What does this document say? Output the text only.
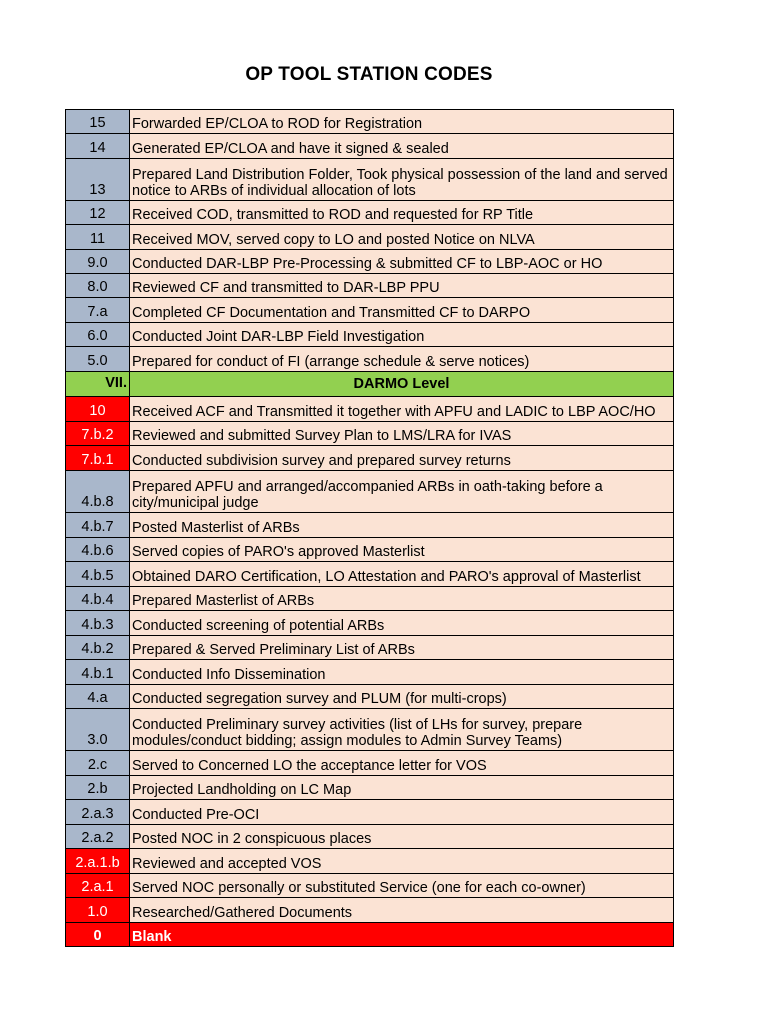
OP TOOL STATION CODES
15	Forwarded EP/CLOA to ROD for Registration
14	Generated EP/CLOA and have it signed & sealed
13	Prepared Land Distribution Folder, Took physical possession of the land and served notice to ARBs of individual allocation of lots
12	Received COD, transmitted to ROD and requested for RP Title
11	Received MOV, served copy to LO and posted Notice on NLVA
9.0	Conducted DAR-LBP Pre-Processing & submitted CF to LBP-AOC or HO
8.0	Reviewed CF and transmitted to DAR-LBP PPU
7.a	Completed CF Documentation and Transmitted CF to DARPO
6.0	Conducted Joint DAR-LBP Field Investigation
5.0	Prepared for conduct of FI (arrange schedule & serve notices)
VII.	DARMO Level
10	Received ACF and Transmitted it together with APFU and LADIC to LBP AOC/HO
7.b.2	Reviewed and submitted Survey Plan to LMS/LRA for IVAS
7.b.1	Conducted subdivision survey and prepared survey returns
4.b.8	Prepared APFU and arranged/accompanied ARBs in oath-taking before a city/municipal judge
4.b.7	Posted Masterlist of ARBs
4.b.6	Served copies of PARO's approved Masterlist
4.b.5	Obtained DARO Certification, LO Attestation and PARO's approval of Masterlist
4.b.4	Prepared Masterlist of ARBs
4.b.3	Conducted screening of potential ARBs
4.b.2	Prepared & Served Preliminary List of ARBs
4.b.1	Conducted Info Dissemination
4.a	Conducted segregation survey and PLUM (for multi-crops)
3.0	Conducted Preliminary survey activities (list of LHs for survey, prepare modules/conduct bidding; assign modules to Admin Survey Teams)
2.c	Served to Concerned LO the acceptance letter for VOS
2.b	Projected Landholding on LC Map
2.a.3	Conducted Pre-OCI
2.a.2	Posted NOC in 2 conspicuous places
2.a.1.b	Reviewed and accepted VOS
2.a.1	Served NOC personally or substituted Service (one for each co-owner)
1.0	Researched/Gathered Documents
0	Blank
